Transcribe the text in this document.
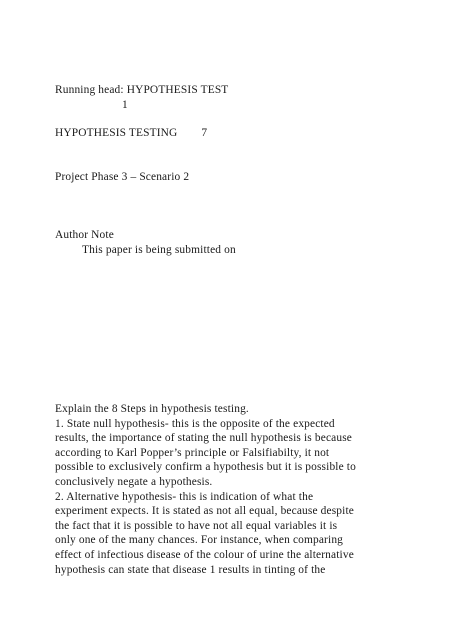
Running head: HYPOTHESIS TEST
1
HYPOTHESIS TESTING        7
Project Phase 3 – Scenario 2
Author Note
This paper is being submitted on
Explain the 8 Steps in hypothesis testing.
1. State null hypothesis- this is the opposite of the expected
results, the importance of stating the null hypothesis is because
according to Karl Popper’s principle or Falsifiabilty, it not
possible to exclusively confirm a hypothesis but it is possible to
conclusively negate a hypothesis.
2. Alternative hypothesis- this is indication of what the
experiment expects. It is stated as not all equal, because despite
the fact that it is possible to have not all equal variables it is
only one of the many chances. For instance, when comparing
effect of infectious disease of the colour of urine the alternative
hypothesis can state that disease 1 results in tinting of the
